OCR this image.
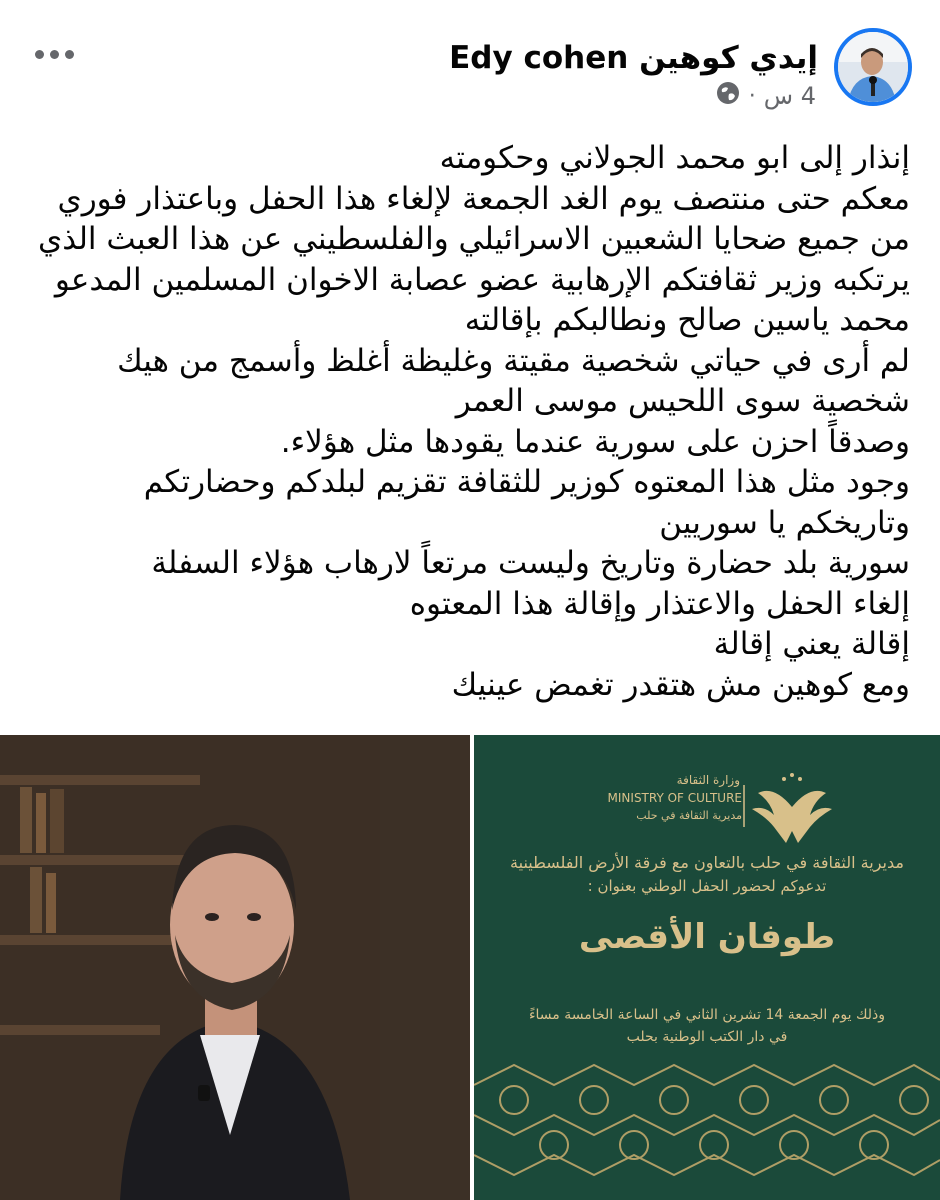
إيدي كوهين Edy cohen
4 س
·
إنذار إلى ابو محمد الجولاني وحكومته
معكم حتى منتصف يوم الغد الجمعة لإلغاء هذا الحفل وباعتذار فوري
من جميع ضحايا الشعبين الاسرائيلي والفلسطيني عن هذا العبث الذي
يرتكبه وزير ثقافتكم الإرهابية عضو عصابة الاخوان المسلمين المدعو
محمد ياسين صالح ونطالبكم بإقالته
لم أرى في حياتي شخصية مقيتة وغليظة أغلظ وأسمج من هيك
شخصية سوى اللحيس موسى العمر
وصدقاً احزن على سورية عندما يقودها مثل هؤلاء.
وجود مثل هذا المعتوه كوزير للثقافة تقزيم لبلدكم وحضارتكم
وتاريخكم يا سوريين
سورية بلد حضارة وتاريخ وليست مرتعاً لارهاب هؤلاء السفلة
إلغاء الحفل والاعتذار وإقالة هذا المعتوه
إقالة يعني إقالة
ومع كوهين مش هتقدر تغمض عينيك
وزارة الثقافة
MINISTRY OF CULTURE
مديرية الثقافة في حلب
مديرية الثقافة في حلب بالتعاون مع فرقة الأرض الفلسطينية
تدعوكم لحضور الحفل الوطني بعنوان :
طوفان الأقصى
وذلك يوم الجمعة 14 تشرين الثاني في الساعة الخامسة مساءً
في دار الكتب الوطنية بحلب
